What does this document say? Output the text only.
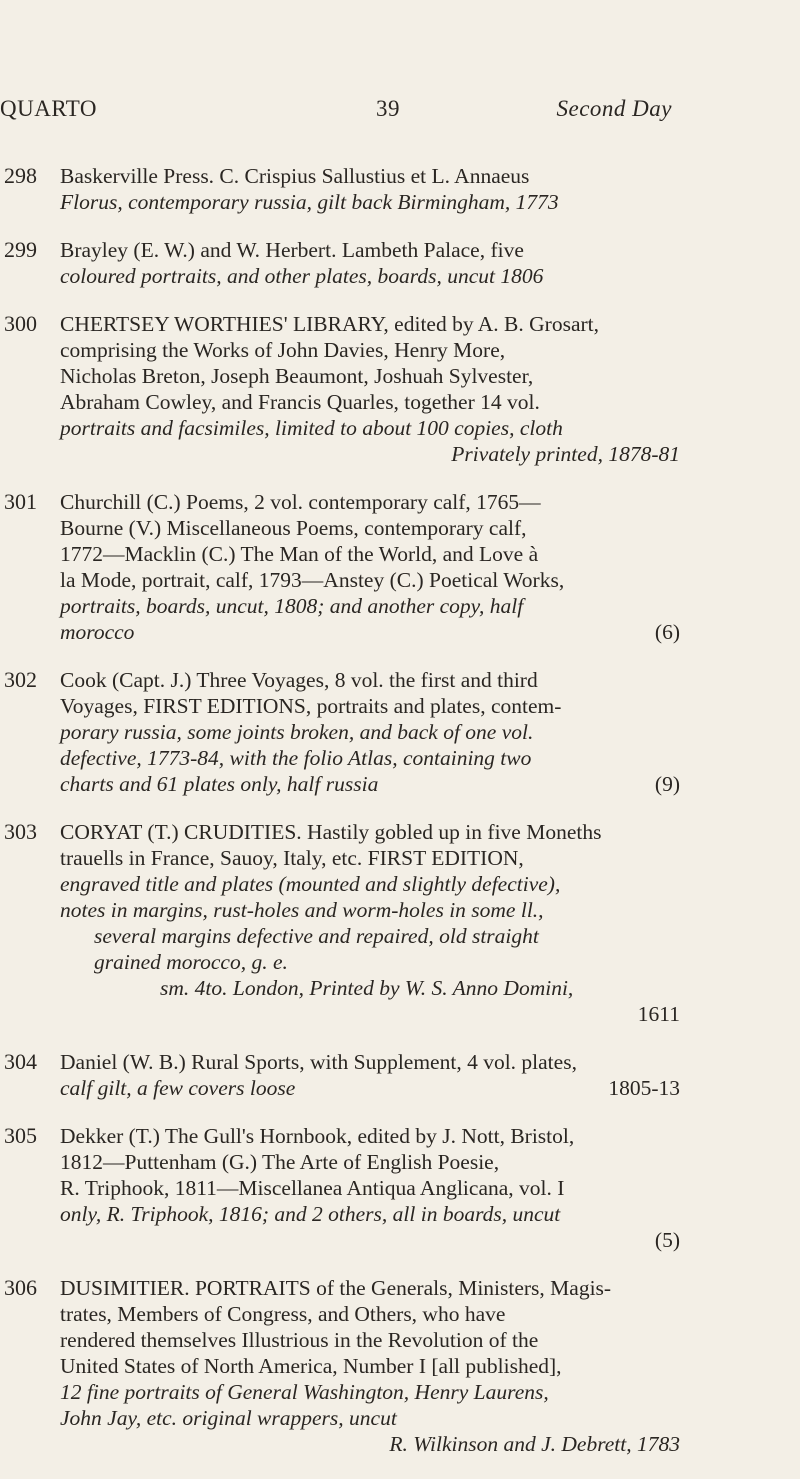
QUARTO	39	Second Day
298 Baskerville Press. C. Crispius Sallustius et L. Annaeus
Florus, contemporary russia, gilt back Birmingham, 1773
299 Brayley (E. W.) and W. Herbert. Lambeth Palace, five
coloured portraits, and other plates, boards, uncut 1806
300 CHERTSEY WORTHIES' LIBRARY, edited by A. B. Grosart,
comprising the Works of John Davies, Henry More,
Nicholas Breton, Joseph Beaumont, Joshuah Sylvester,
Abraham Cowley, and Francis Quarles, together 14 vol.
portraits and facsimiles, limited to about 100 copies, cloth
Privately printed, 1878-81
301 Churchill (C.) Poems, 2 vol. contemporary calf, 1765—
Bourne (V.) Miscellaneous Poems, contemporary calf,
1772—Macklin (C.) The Man of the World, and Love à
la Mode, portrait, calf, 1793—Anstey (C.) Poetical Works,
portraits, boards, uncut, 1808; and another copy, half
morocco	(6)
302 Cook (Capt. J.) Three Voyages, 8 vol. the first and third
Voyages, FIRST EDITIONS, portraits and plates, contem-
porary russia, some joints broken, and back of one vol.
defective, 1773-84, with the folio Atlas, containing two
charts and 61 plates only, half russia	(9)
303 CORYAT (T.) CRUDITIES. Hastily gobled up in five Moneths
trauells in France, Sauoy, Italy, etc. FIRST EDITION,
engraved title and plates (mounted and slightly defective),
notes in margins, rust-holes and worm-holes in some ll.,
several margins defective and repaired, old straight
grained morocco, g. e.
sm. 4to. London, Printed by W. S. Anno Domini,
1611
304 Daniel (W. B.) Rural Sports, with Supplement, 4 vol. plates,
calf gilt, a few covers loose	1805-13
305 Dekker (T.) The Gull's Hornbook, edited by J. Nott, Bristol,
1812—Puttenham (G.) The Arte of English Poesie,
R. Triphook, 1811—Miscellanea Antiqua Anglicana, vol. I
only, R. Triphook, 1816; and 2 others, all in boards, uncut
(5)
306 DUSIMITIER. PORTRAITS of the Generals, Ministers, Magis-
trates, Members of Congress, and Others, who have
rendered themselves Illustrious in the Revolution of the
United States of North America, Number I [all published],
12 fine portraits of General Washington, Henry Laurens,
John Jay, etc. original wrappers, uncut
R. Wilkinson and J. Debrett, 1783
